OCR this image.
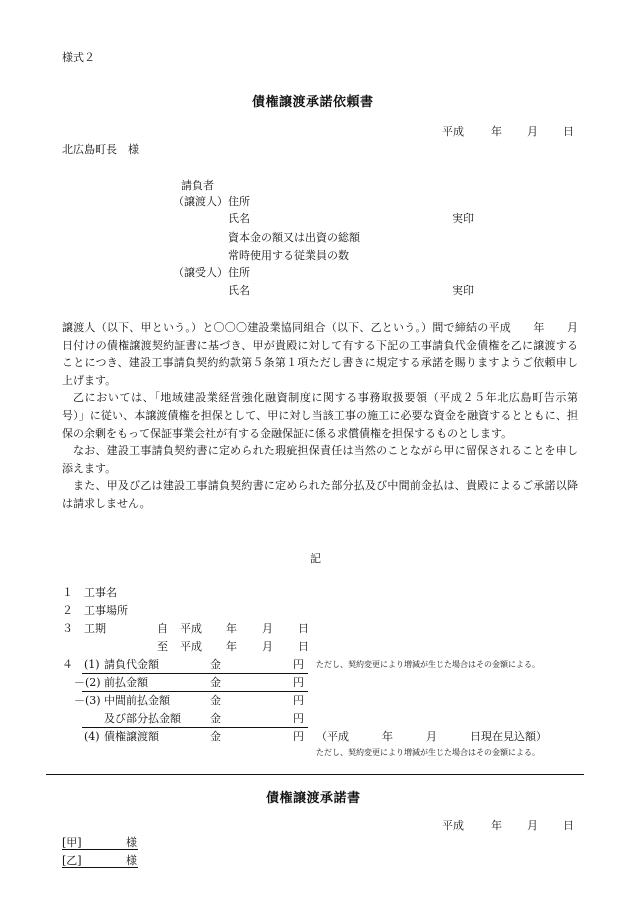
様式２
債権譲渡承諾依頼書
平成 年 月 日
北広島町長　様
請負者
（譲渡人） 住所
氏名	実印
資本金の額又は出資の総額
常時使用する従業員の数
（譲受人） 住所
氏名	実印

譲渡人（以下、甲という。）と〇〇〇建設業協同組合（以下、乙という。）間で締結の平成　　年　　月　　日付けの債権譲渡契約証書に基づき、甲が貴殿に対して有する下記の工事請負代金債権を乙に譲渡することにつき、建設工事請負契約約款第５条第１項ただし書きに規定する承諾を賜りますようご依頼申し上げます。

乙においては、「地域建設業経営強化融資制度に関する事務取扱要領（平成２５年北広島町告示第　号）」に従い、本譲渡債権を担保として、甲に対し当該工事の施工に必要な資金を融資するとともに、担保の余剰をもって保証事業会社が有する金融保証に係る求償債権を担保するものとします。

なお、建設工事請負契約書に定められた瑕疵担保責任は当然のことながら甲に留保されることを申し添えます。

また、甲及び乙は建設工事請負契約書に定められた部分払及び中間前金払は、貴殿によるご承諾以降は請求しません。

記
１ 工事名
２ 工事場所
３ 工期	自 平成 年 月 日
至 平成 年 月 日
４ (1) 請負代金額	金	円 ただし、契約変更により増減が生じた場合はその金額による。
－(2) 前払金額	金	円
－(3) 中間前払金額	金	円
及び部分払金額	金	円
(4) 債権譲渡額	金	円 （平成　　　年　　　月　　　日現在見込額）
ただし、契約変更により増減が生じた場合はその金額による。
債権譲渡承諾書
平成 年 月 日
[甲]	様
[乙]	様
